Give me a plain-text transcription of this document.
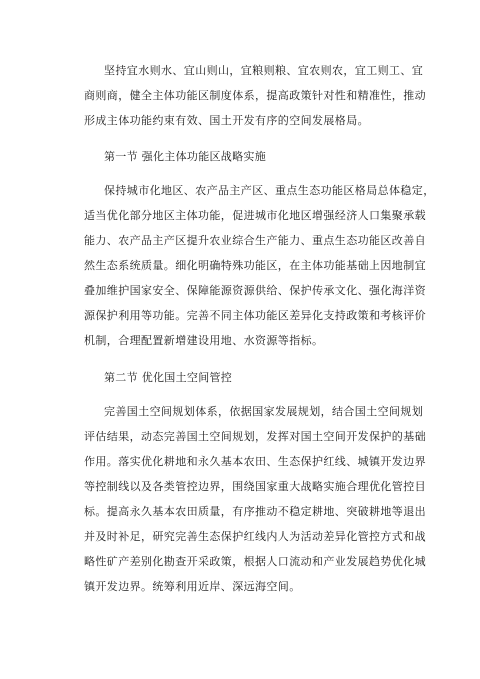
坚持宜水则水、宜山则山，宜粮则粮、宜农则农，宜工则工、宜
商则商，健全主体功能区制度体系，提高政策针对性和精准性，推动
形成主体功能约束有效、国土开发有序的空间发展格局。
第一节 强化主体功能区战略实施
保持城市化地区、农产品主产区、重点生态功能区格局总体稳定，
适当优化部分地区主体功能，促进城市化地区增强经济人口集聚承载
能力、农产品主产区提升农业综合生产能力、重点生态功能区改善自
然生态系统质量。细化明确特殊功能区，在主体功能基础上因地制宜
叠加维护国家安全、保障能源资源供给、保护传承文化、强化海洋资
源保护利用等功能。完善不同主体功能区差异化支持政策和考核评价
机制，合理配置新增建设用地、水资源等指标。
第二节 优化国土空间管控
完善国土空间规划体系，依据国家发展规划，结合国土空间规划
评估结果，动态完善国土空间规划，发挥对国土空间开发保护的基础
作用。落实优化耕地和永久基本农田、生态保护红线、城镇开发边界
等控制线以及各类管控边界，围绕国家重大战略实施合理优化管控目
标。提高永久基本农田质量，有序推动不稳定耕地、突破耕地等退出
并及时补足，研究完善生态保护红线内人为活动差异化管控方式和战
略性矿产差别化勘查开采政策，根据人口流动和产业发展趋势优化城
镇开发边界。统筹利用近岸、深远海空间。
